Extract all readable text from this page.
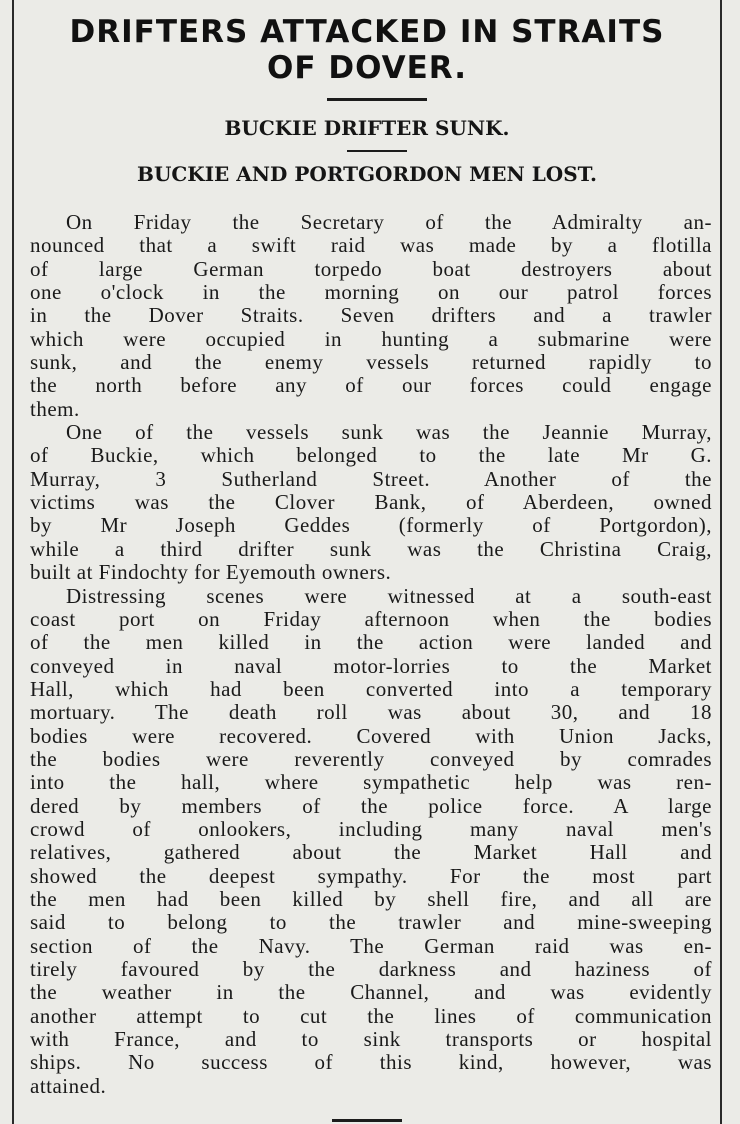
DRIFTERS ATTACKED IN STRAITS
OF DOVER.
BUCKIE DRIFTER SUNK.
BUCKIE AND PORTGORDON MEN LOST.
On Friday the Secretary of the Admiralty an-
nounced that a swift raid was made by a flotilla
of large German torpedo boat destroyers about
one o'clock in the morning on our patrol forces
in the Dover Straits. Seven drifters and a trawler
which were occupied in hunting a submarine were
sunk, and the enemy vessels returned rapidly to
the north before any of our forces could engage
them.
One of the vessels sunk was the Jeannie Murray,
of Buckie, which belonged to the late Mr G.
Murray, 3 Sutherland Street. Another of the
victims was the Clover Bank, of Aberdeen, owned
by Mr Joseph Geddes (formerly of Portgordon),
while a third drifter sunk was the Christina Craig,
built at Findochty for Eyemouth owners.
Distressing scenes were witnessed at a south-east
coast port on Friday afternoon when the bodies
of the men killed in the action were landed and
conveyed in naval motor-lorries to the Market
Hall, which had been converted into a temporary
mortuary. The death roll was about 30, and 18
bodies were recovered. Covered with Union Jacks,
the bodies were reverently conveyed by comrades
into the hall, where sympathetic help was ren-
dered by members of the police force. A large
crowd of onlookers, including many naval men's
relatives, gathered about the Market Hall and
showed the deepest sympathy. For the most part
the men had been killed by shell fire, and all are
said to belong to the trawler and mine-sweeping
section of the Navy. The German raid was en-
tirely favoured by the darkness and haziness of
the weather in the Channel, and was evidently
another attempt to cut the lines of communication
with France, and to sink transports or hospital
ships. No success of this kind, however, was
attained.
